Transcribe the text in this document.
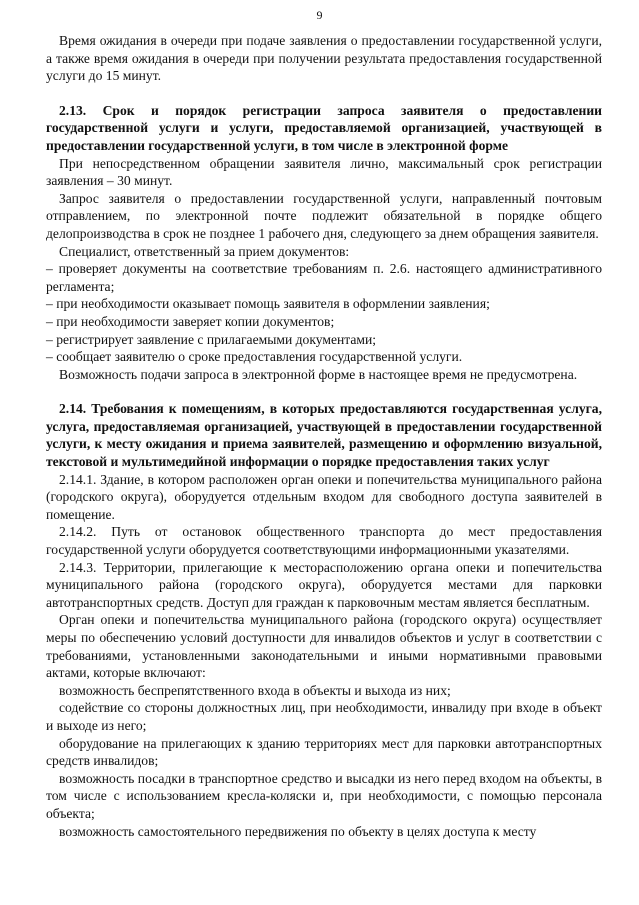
9

Время ожидания в очереди при подаче заявления о предоставлении государственной услуги, а также время ожидания в очереди при получении результата предоставления государственной услуги до 15 минут.

2.13. Срок и порядок регистрации запроса заявителя о предоставлении государственной услуги и услуги, предоставляемой организацией, участвующей в предоставлении государственной услуги, в том числе в электронной форме

При непосредственном обращении заявителя лично, максимальный срок регистрации заявления – 30 минут.

Запрос заявителя о предоставлении государственной услуги, направленный почтовым отправлением, по электронной почте подлежит обязательной в порядке общего делопроизводства в срок не позднее 1 рабочего дня, следующего за днем обращения заявителя.

Специалист, ответственный за прием документов:

– проверяет документы на соответствие требованиям п. 2.6. настоящего административного регламента;

– при необходимости оказывает помощь заявителя в оформлении заявления;

– при необходимости заверяет копии документов;

– регистрирует заявление с прилагаемыми документами;

– сообщает заявителю о сроке предоставления государственной услуги.

Возможность подачи запроса в электронной форме в настоящее время не предусмотрена.

2.14. Требования к помещениям, в которых предоставляются государственная услуга, услуга, предоставляемая организацией, участвующей в предоставлении государственной услуги, к месту ожидания и приема заявителей, размещению и оформлению визуальной, текстовой и мультимедийной информации о порядке предоставления таких услуг

2.14.1. Здание, в котором расположен орган опеки и попечительства муниципального района (городского округа), оборудуется отдельным входом для свободного доступа заявителей в помещение.

2.14.2. Путь от остановок общественного транспорта до мест предоставления государственной услуги оборудуется соответствующими информационными указателями.

2.14.3. Территории, прилегающие к месторасположению органа опеки и попечительства муниципального района (городского округа), оборудуется местами для парковки автотранспортных средств. Доступ для граждан к парковочным местам является бесплатным.

Орган опеки и попечительства муниципального района (городского округа) осуществляет меры по обеспечению условий доступности для инвалидов объектов и услуг в соответствии с требованиями, установленными законодательными и иными нормативными правовыми актами, которые включают:

возможность беспрепятственного входа в объекты и выхода из них;

содействие со стороны должностных лиц, при необходимости, инвалиду при входе в объект и выходе из него;

оборудование на прилегающих к зданию территориях мест для парковки автотранспортных средств инвалидов;

возможность посадки в транспортное средство и высадки из него перед входом на объекты, в том числе с использованием кресла-коляски и, при необходимости, с помощью персонала объекта;

возможность самостоятельного передвижения по объекту в целях доступа к месту
